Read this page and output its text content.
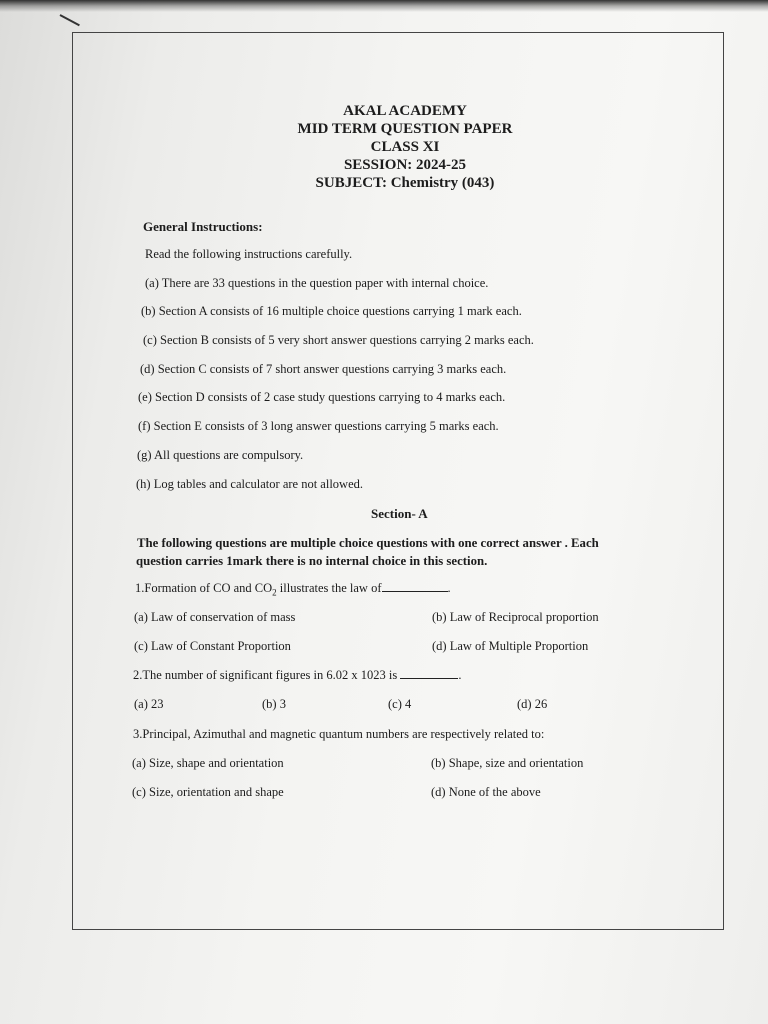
AKAL ACADEMY
MID TERM QUESTION PAPER
CLASS XI
SESSION: 2024-25
SUBJECT: Chemistry (043)
General Instructions:
Read the following instructions carefully.
(a) There are 33 questions in the question paper with internal choice.
(b) Section A consists of 16 multiple choice questions carrying 1 mark each.
(c) Section B consists of 5 very short answer questions carrying 2 marks each.
(d) Section C consists of 7 short answer questions carrying 3 marks each.
(e) Section D consists of 2 case study questions carrying to 4 marks each.
(f) Section E consists of 3 long answer questions carrying 5 marks each.
(g) All questions are compulsory.
(h) Log tables and calculator are not allowed.
Section- A
The following questions are multiple choice questions with one correct answer . Each
question carries 1mark there is no internal choice in this section.
1.Formation of CO and $CO_2$ illustrates the law of	.
(a) Law of conservation of mass	(b) Law of Reciprocal proportion
(c) Law of Constant Proportion	(d) Law of Multiple Proportion
2.The number of significant figures in 6.02 x 1023 is	.
(a) 23	(b) 3	(c) 4	(d) 26
3.Principal, Azimuthal and magnetic quantum numbers are respectively related to:
(a) Size, shape and orientation	(b) Shape, size and orientation
(c) Size, orientation and shape	(d) None of the above
